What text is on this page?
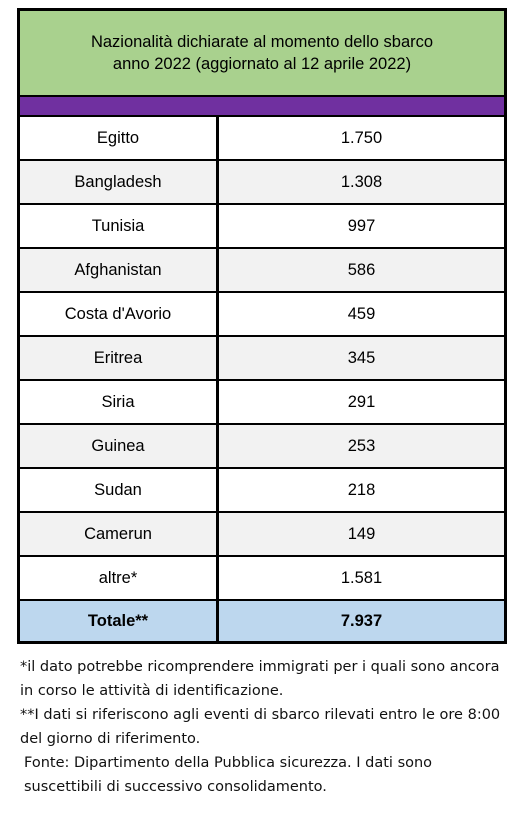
Nazionalità dichiarate al momento dello sbarco
anno 2022 (aggiornato al 12 aprile 2022)
Egitto	1.750
Bangladesh	1.308
Tunisia	997
Afghanistan	586
Costa d'Avorio	459
Eritrea	345
Siria	291
Guinea	253
Sudan	218
Camerun	149
altre*	1.581
Totale**	7.937

*il dato potrebbe ricomprendere immigrati per i quali sono ancora in corso le attività di identificazione.

**I dati si riferiscono agli eventi di sbarco rilevati entro le ore 8:00 del giorno di riferimento.

Fonte: Dipartimento della Pubblica sicurezza. I dati sono suscettibili di successivo consolidamento.
